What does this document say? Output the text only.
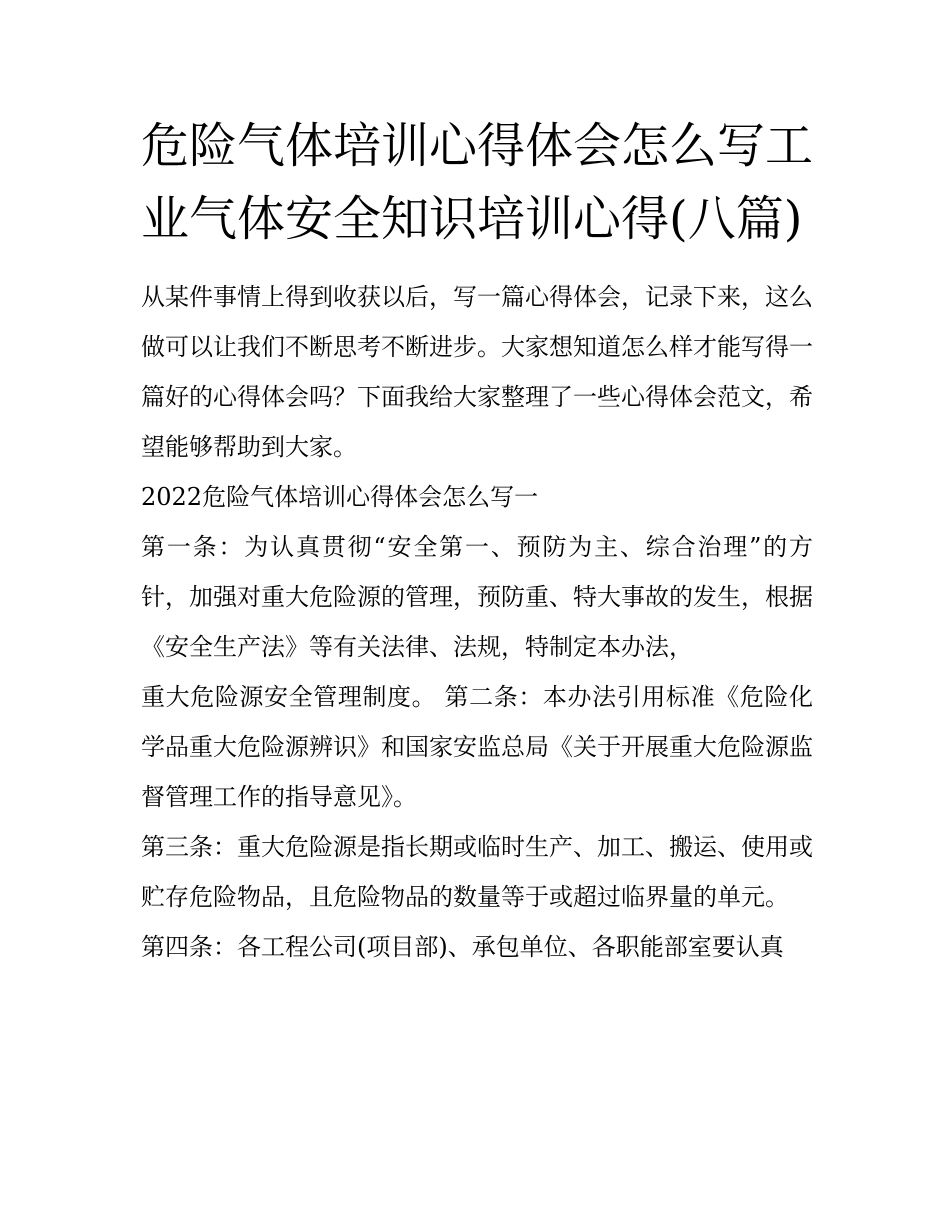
危险气体培训心得体会怎么写工业气体安全知识培训心得(八篇)

从某件事情上得到收获以后，写一篇心得体会，记录下来，这么做可以让我们不断思考不断进步。大家想知道怎么样才能写得一篇好的心得体会吗？下面我给大家整理了一些心得体会范文，希望能够帮助到大家。

2022危险气体培训心得体会怎么写一

第一条：为认真贯彻“安全第一、预防为主、综合治理”的方针，加强对重大危险源的管理，预防重、特大事故的发生，根据《安全生产法》等有关法律、法规，特制定本办法，

重大危险源安全管理制度。 第二条：本办法引用标准《危险化学品重大危险源辨识》和国家安监总局《关于开展重大危险源监督管理工作的指导意见》。

第三条：重大危险源是指长期或临时生产、加工、搬运、使用或贮存危险物品，且危险物品的数量等于或超过临界量的单元。

第四条：各工程公司(项目部)、承包单位、各职能部室要认真
